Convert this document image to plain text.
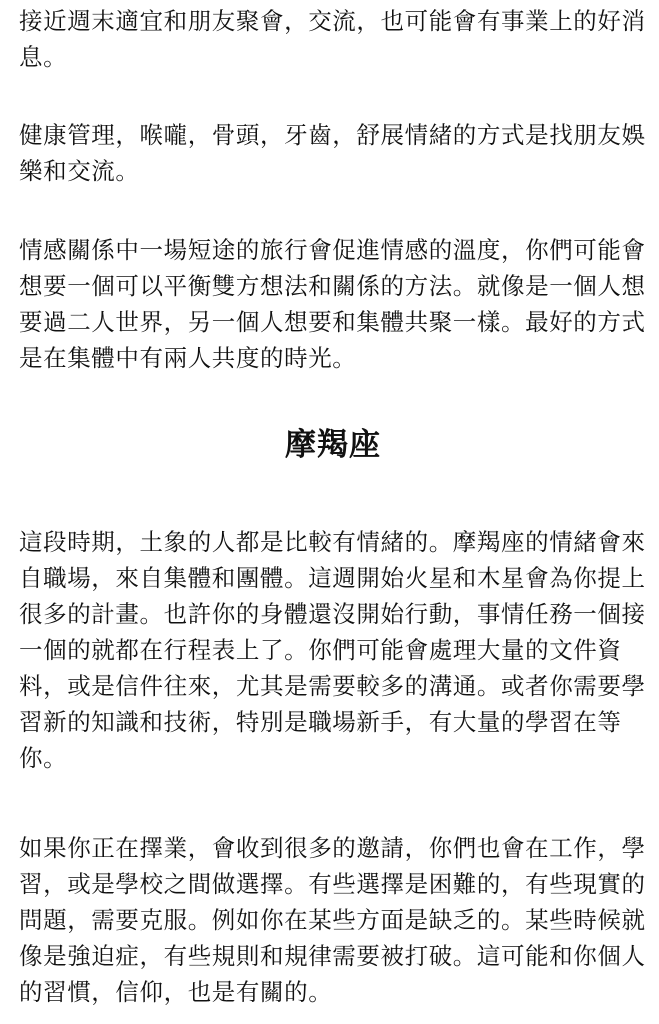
接近週末適宜和朋友聚會，交流，也可能會有事業上的好消息。

健康管理，喉嚨，骨頭，牙齒，舒展情緒的方式是找朋友娛樂和交流。

情感關係中一場短途的旅行會促進情感的溫度，你們可能會想要一個可以平衡雙方想法和關係的方法。就像是一個人想要過二人世界，另一個人想要和集體共聚一樣。最好的方式是在集體中有兩人共度的時光。

摩羯座

這段時期，土象的人都是比較有情緒的。摩羯座的情緒會來自職場，來自集體和團體。這週開始火星和木星會為你提上很多的計畫。也許你的身體還沒開始行動，事情任務一個接一個的就都在行程表上了。你們可能會處理大量的文件資料，或是信件往來，尤其是需要較多的溝通。或者你需要學習新的知識和技術，特別是職場新手，有大量的學習在等你。

如果你正在擇業，會收到很多的邀請，你們也會在工作，學習，或是學校之間做選擇。有些選擇是困難的，有些現實的問題，需要克服。例如你在某些方面是缺乏的。某些時候就像是強迫症，有些規則和規律需要被打破。這可能和你個人的習慣，信仰，也是有關的。
